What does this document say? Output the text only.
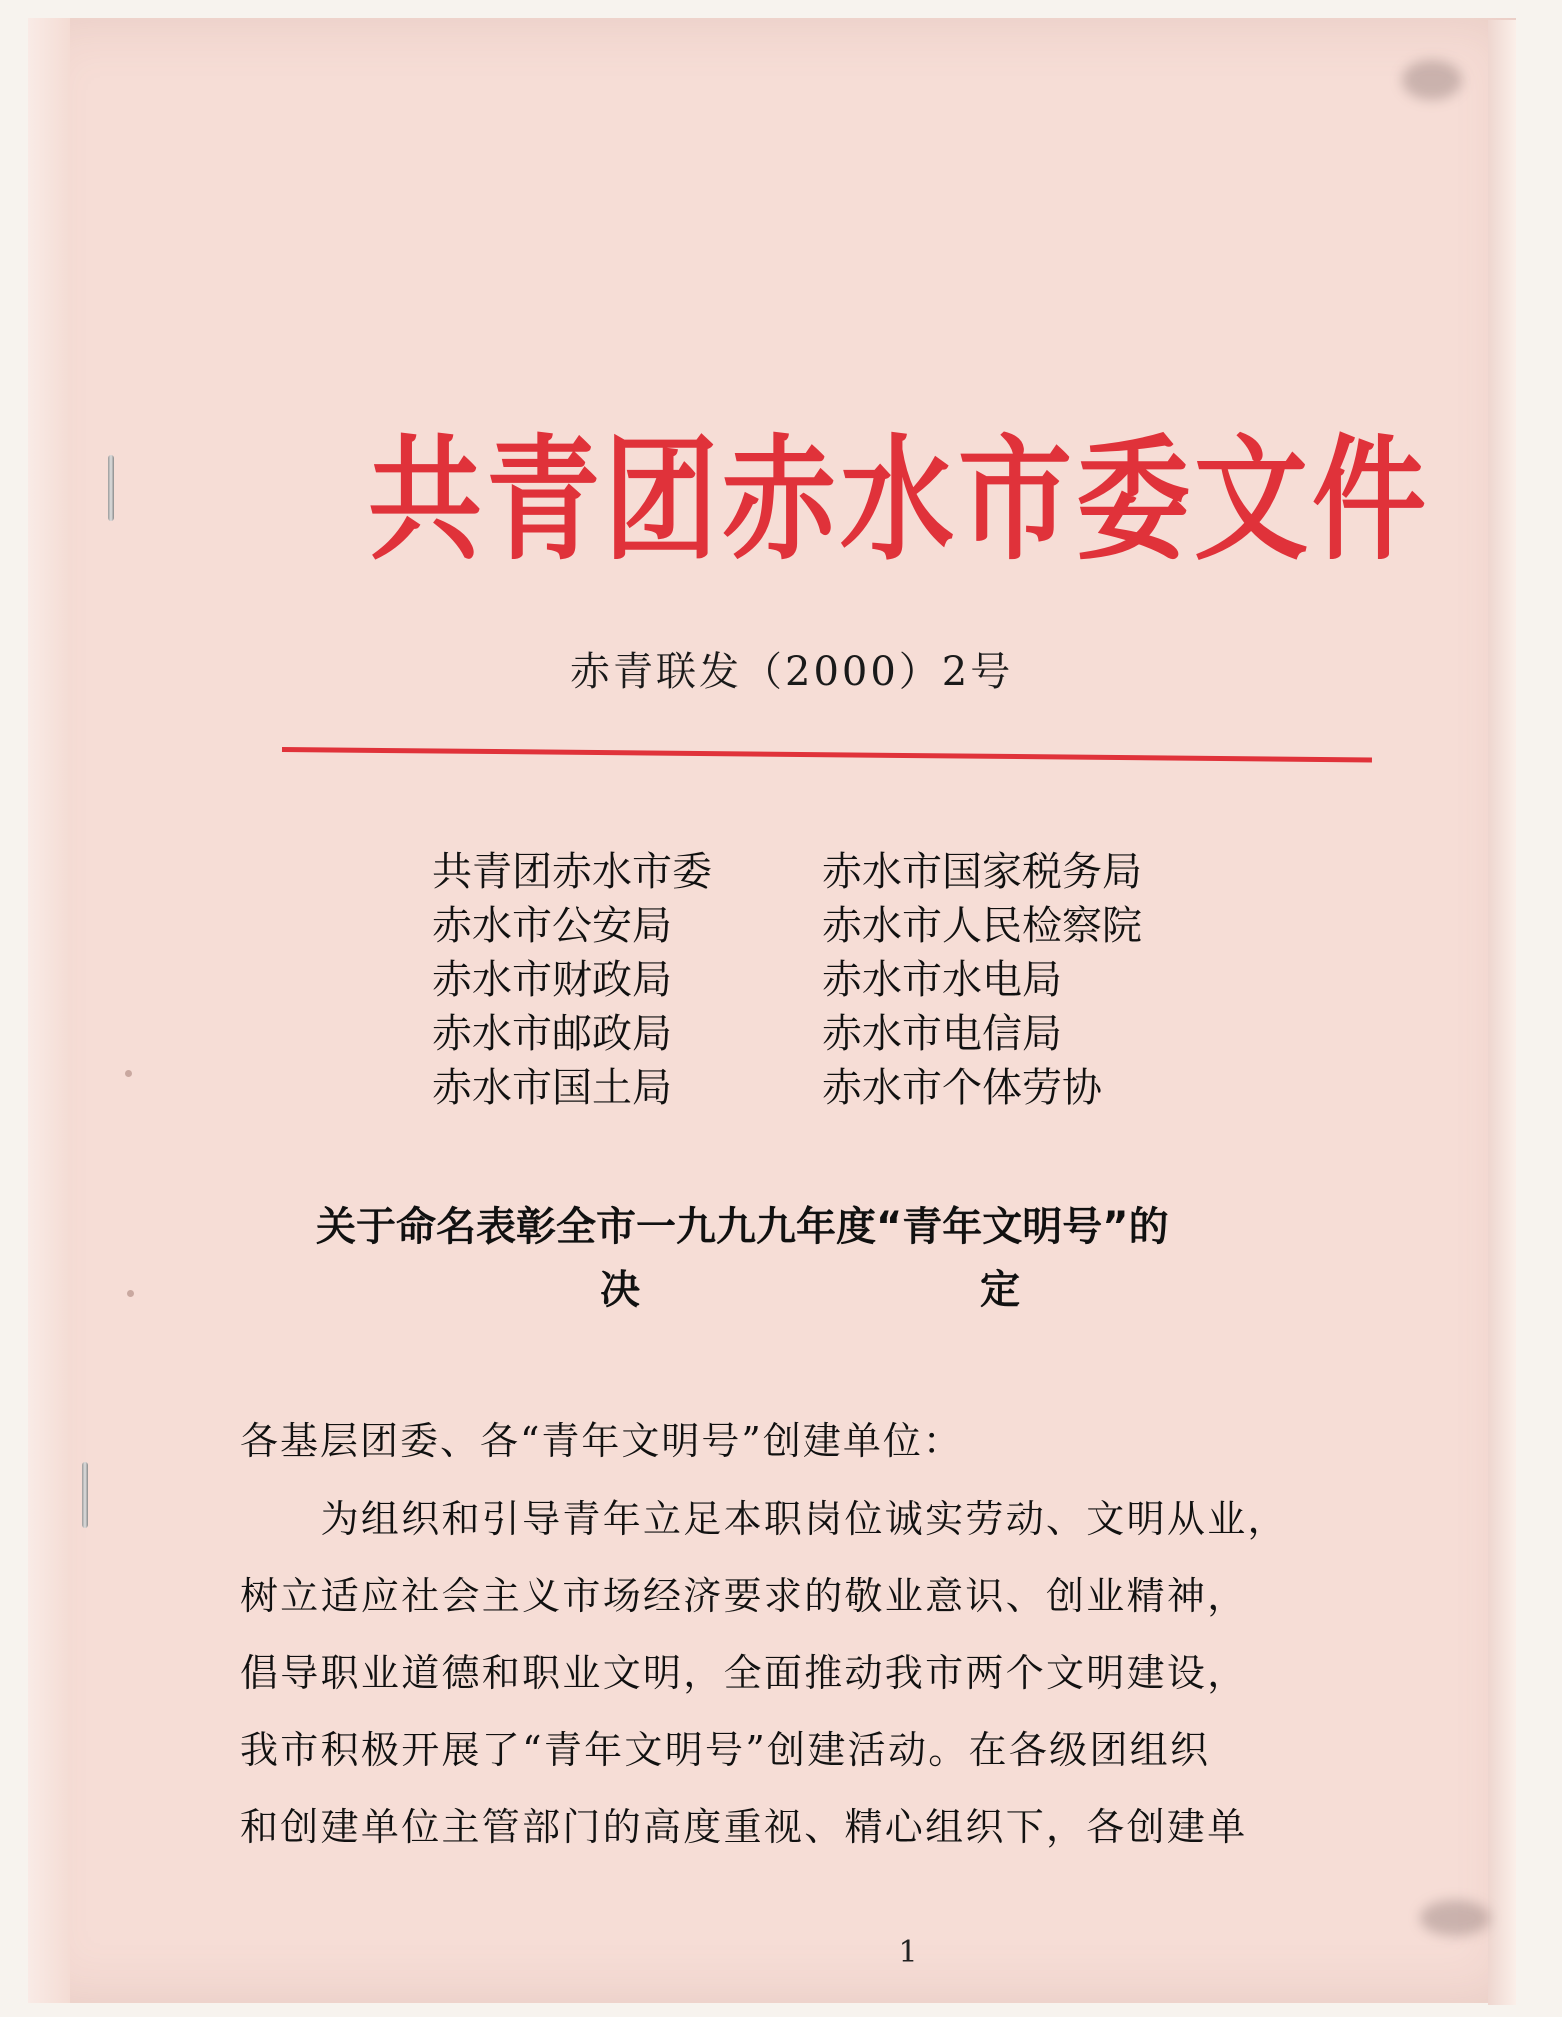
共青团赤水市委文件
赤青联发（2000）2号
共青团赤水市委	赤水市国家税务局
赤水市公安局	赤水市人民检察院
赤水市财政局	赤水市水电局
赤水市邮政局	赤水市电信局
赤水市国土局	赤水市个体劳协
关于命名表彰全市一九九九年度“青年文明号”的
决	定
各基层团委、各“青年文明号”创建单位：
　　为组织和引导青年立足本职岗位诚实劳动、文明从业，
树立适应社会主义市场经济要求的敬业意识、创业精神，
倡导职业道德和职业文明，全面推动我市两个文明建设，
我市积极开展了“青年文明号”创建活动。在各级团组织
和创建单位主管部门的高度重视、精心组织下，各创建单
1
